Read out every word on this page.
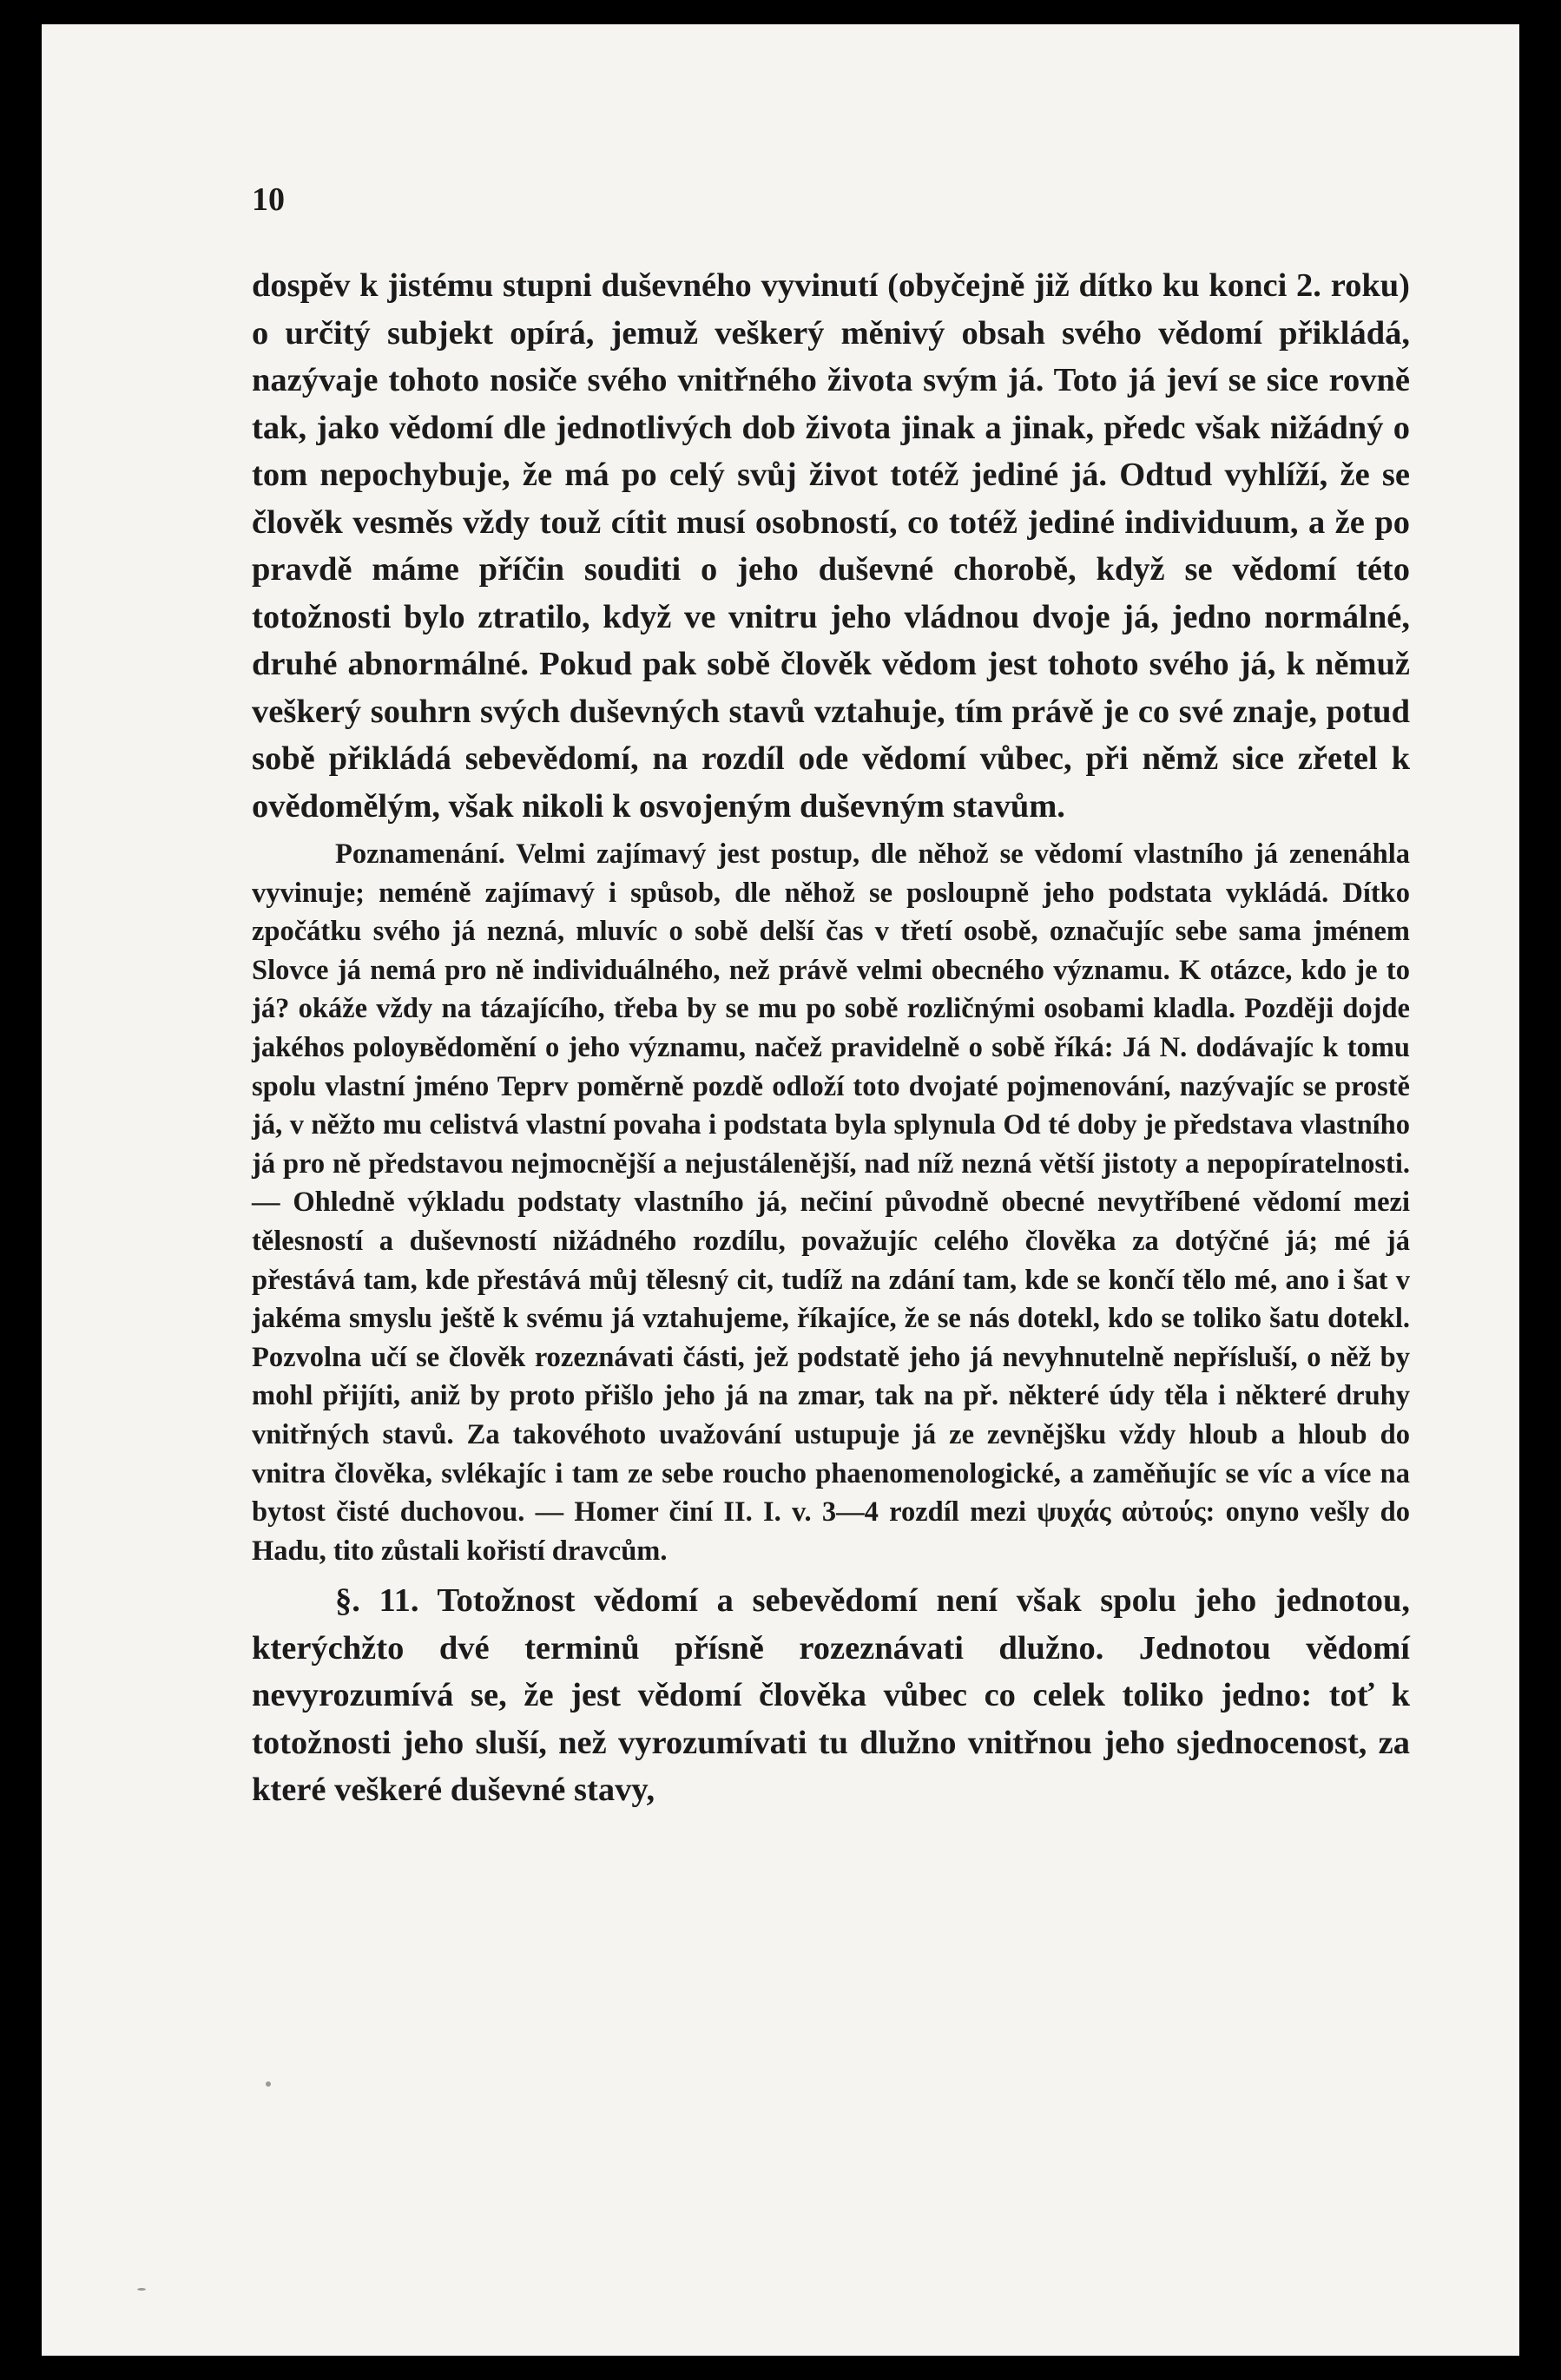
10

dospěv k jistému stupni duševného vyvinutí (obyčejně již dítko ku konci 2. roku) o určitý subjekt opírá, jemuž veškerý měnivý obsah svého vědomí přikládá, nazývaje tohoto nosiče svého vnitřného života svým já. Toto já jeví se sice rovně tak, jako vědomí dle jednotlivých dob života jinak a jinak, předc však nižádný o tom nepochybuje, že má po celý svůj život totéž jediné já. Odtud vyhlíží, že se člověk vesměs vždy touž cítit musí osobností, co totéž jediné individuum, a že po pravdě máme příčin souditi o jeho duševné chorobě, když se vědomí této totožnosti bylo ztratilo, když ve vnitru jeho vládnou dvoje já, jedno normálné, druhé abnormálné. Pokud pak sobě člověk vědom jest tohoto svého já, k němuž veškerý souhrn svých duševných stavů vztahuje, tím právě je co své znaje, potud sobě přikládá sebevědomí, na rozdíl ode vědomí vůbec, při němž sice zřetel k ovědomělým, však nikoli k osvojeným duševným stavům.

Poznamenání. Velmi zajímavý jest postup, dle něhož se vědomí vlastního já zenenáhla vyvinuje; neméně zajímavý i spůsob, dle něhož se posloupně jeho podstata vykládá. Dítko zpočátku svého já nezná, mluvíc o sobě delší čas v třetí osobě, označujíc sebe sama jménem Slovce já nemá pro ně individuálného, než právě velmi obecného významu. K otázce, kdo je to já? okáže vždy na tázajícího, třeba by se mu po sobě rozličnými osobami kladla. Později dojde jakéhos poloувědomění o jeho významu, načež pravidelně o sobě říká: Já N. dodávajíc k tomu spolu vlastní jméno Teprv poměrně pozdě odloží toto dvojaté pojmenování, nazývajíc se prostě já, v něžto mu celistvá vlastní povaha i podstata byla splynula Od té doby je představa vlastního já pro ně představou nejmocnější a nejustálenější, nad níž nezná větší jistoty a nepopíratelnosti. — Ohledně výkladu podstaty vlastního já, nečiní původně obecné nevytříbené vědomí mezi tělesností a duševností nižádného rozdílu, považujíc celého člověka za dotýčné já; mé já přestává tam, kde přestává můj tělesný cit, tudíž na zdání tam, kde se končí tělo mé, ano i šat v jakéma smyslu ještě k svému já vztahujeme, říkajíce, že se nás dotekl, kdo se toliko šatu dotekl. Pozvolna učí se člověk rozeznávati části, jež podstatě jeho já nevyhnutelně nepřísluší, o něž by mohl přijíti, aniž by proto přišlo jeho já na zmar, tak na př. některé údy těla i některé druhy vnitřných stavů. Za takovéhoto uvažování ustupuje já ze zevnějšku vždy hloub a hloub do vnitra člověka, svlékajíc i tam ze sebe roucho phaenomenologické, a zaměňujíc se víc a více na bytost čisté duchovou. — Homer činí II. I. v. 3—4 rozdíl mezi ψυχάς αὐτούς: onyno vešly do Hadu, tito zůstali kořistí dravcům.

§. 11. Totožnost vědomí a sebevědomí není však spolu jeho jednotou, kterýchžto dvé terminů přísně rozeznávati dlužno. Jednotou vědomí nevyrozumívá se, že jest vědomí člověka vůbec co celek toliko jedno: toť k totožnosti jeho sluší, než vyrozumívati tu dlužno vnitřnou jeho sjednocenost, za které veškeré duševné stavy,
